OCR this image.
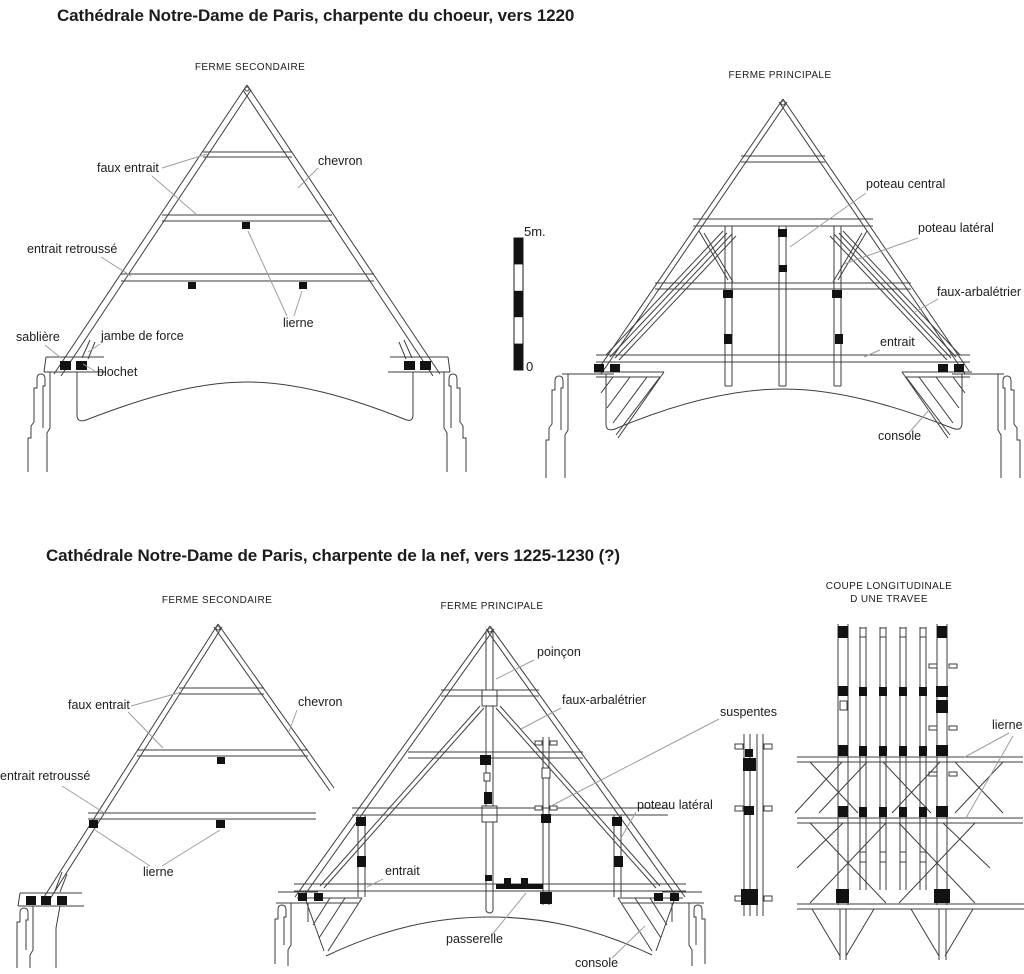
Cathédrale Notre-Dame de Paris, charpente du choeur, vers 1220
Cathédrale Notre-Dame de Paris, charpente de la nef, vers 1225-1230 (?)
FERME SECONDAIRE
FERME PRINCIPALE
FERME SECONDAIRE
FERME PRINCIPALE
COUPE LONGITUDINALE
D UNE TRAVEE
5m.
0
faux entrait	chevron
entrait retroussé
lierne
sablière	jambe de force
blochet
poteau central
poteau latéral
faux-arbalétrier
entrait
console
faux entrait	chevron
entrait retroussé
lierne
poinçon
faux-arbalétrier
suspentes
poteau latéral
entrait
passerelle
console
lierne
